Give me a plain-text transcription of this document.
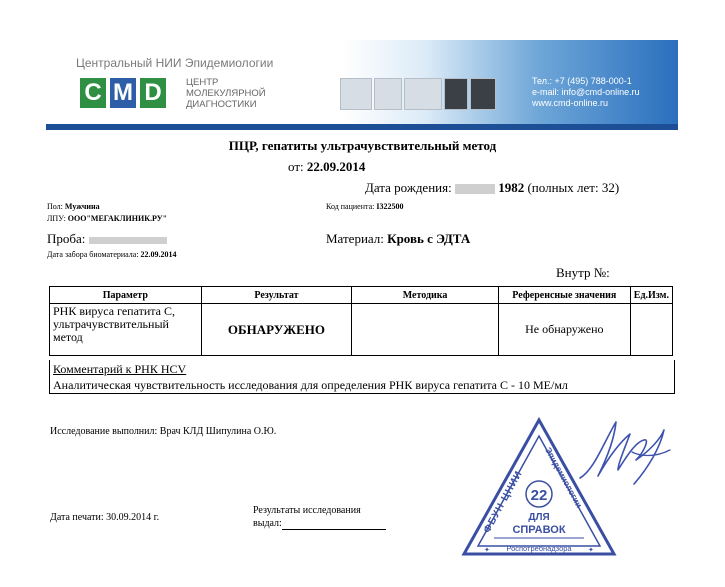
Центральный НИИ Эпидемиологии
C M D	ЦЕНТР
МОЛЕКУЛЯРНОЙ
ДИАГНОСТИКИ
Тел.: +7 (495) 788-000-1
e-mail: info@cmd-online.ru
www.cmd-online.ru
ПЦР, гепатиты ультрачувствительный метод
от: 22.09.2014
Дата рождения:	1982 (полных лет: 32)
Пол: Мужчина	Код пациента: I322500
ЛПУ: ООО"МЕГАКЛИНИК.РУ"
Проба:	Материал: Кровь с ЭДТА
Дата забора биоматериала: 22.09.2014
Внутр №:
Параметр	Результат	Методика	Референсные значения	Ед.Изм.
РНК вируса гепатита С, ультрачувствительный метод	ОБНАРУЖЕНО		Не обнаружено	
Комментарий к РНК HCV
Аналитическая чувствительность исследования для определения РНК вируса гепатита С - 10 МЕ/мл
Исследование выполнил: Врач КЛД Шипулина О.Ю.
Дата печати: 30.09.2014 г.
Результаты исследования
выдал:	ФБУН ЦНИИ
Эпидемиологии
22
ДЛЯ
СПРАВОК
Роспотребнадзора
✦	✦
